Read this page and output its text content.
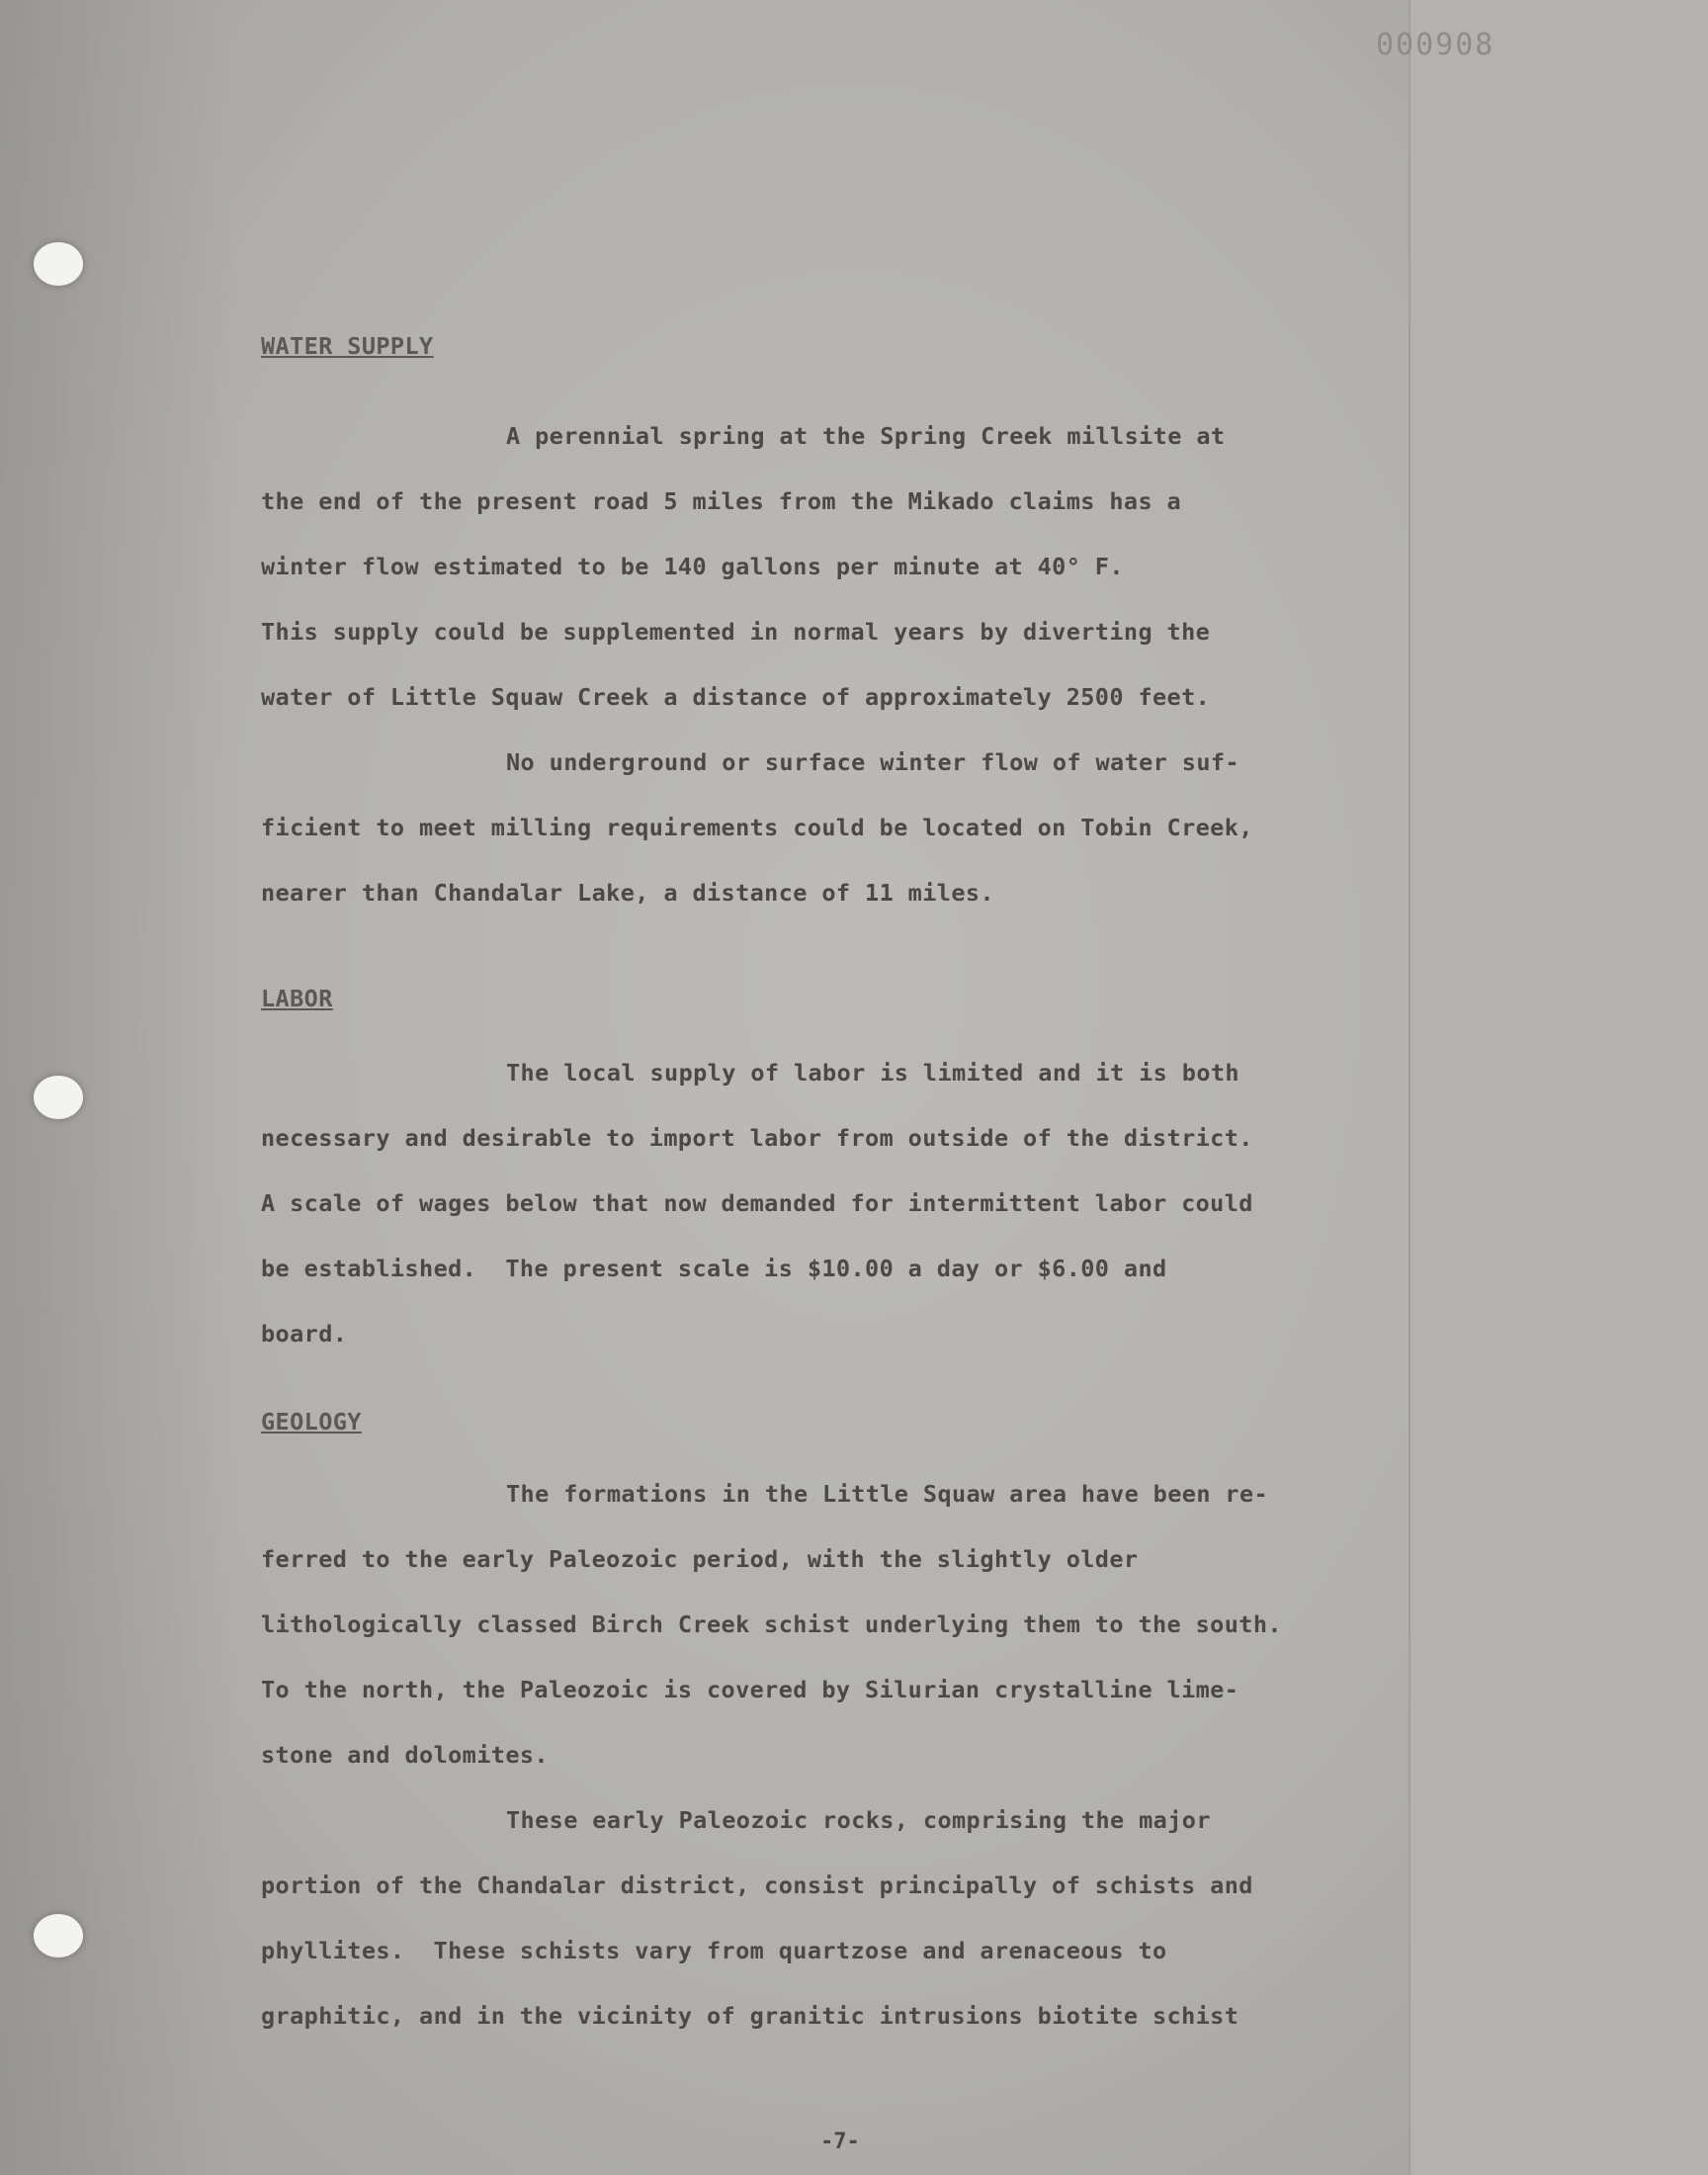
000908
WATER SUPPLY
A perennial spring at the Spring Creek millsite at
the end of the present road 5 miles from the Mikado claims has a
winter flow estimated to be 140 gallons per minute at 40° F.
This supply could be supplemented in normal years by diverting the
water of Little Squaw Creek a distance of approximately 2500 feet.
No underground or surface winter flow of water suf-
ficient to meet milling requirements could be located on Tobin Creek,
nearer than Chandalar Lake, a distance of 11 miles.
LABOR
The local supply of labor is limited and it is both
necessary and desirable to import labor from outside of the district.
A scale of wages below that now demanded for intermittent labor could
be established.  The present scale is $10.00 a day or $6.00 and
board.
GEOLOGY
The formations in the Little Squaw area have been re-
ferred to the early Paleozoic period, with the slightly older
lithologically classed Birch Creek schist underlying them to the south.
To the north, the Paleozoic is covered by Silurian crystalline lime-
stone and dolomites.
These early Paleozoic rocks, comprising the major
portion of the Chandalar district, consist principally of schists and
phyllites.  These schists vary from quartzose and arenaceous to
graphitic, and in the vicinity of granitic intrusions biotite schist
-7-
